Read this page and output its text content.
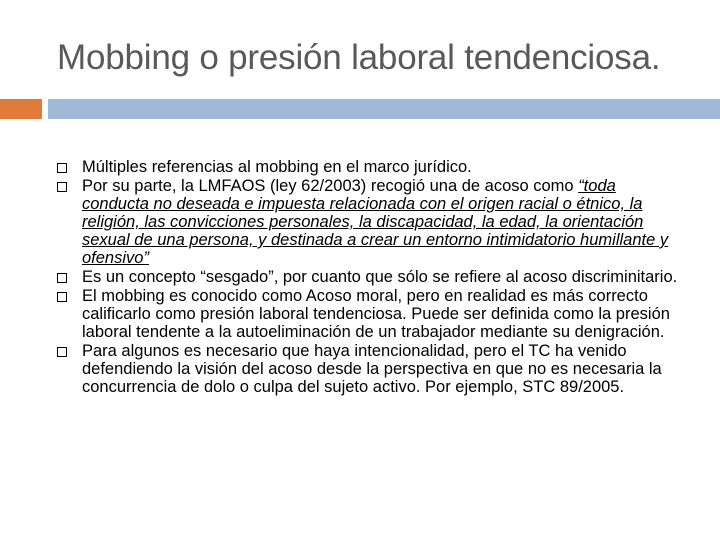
Mobbing o presión laboral tendenciosa.
Múltiples referencias al mobbing en el marco jurídico.
Por su parte, la LMFAOS (ley 62/2003) recogió una de acoso como “toda conducta no deseada e impuesta relacionada con el origen racial o étnico, la religión, las convicciones personales, la discapacidad, la edad, la orientación sexual de una persona, y destinada a crear un entorno intimidatorio humillante y ofensivo”
Es un concepto “sesgado”, por cuanto que sólo se refiere al acoso discriminitario.
El mobbing es conocido como Acoso moral, pero en realidad es más correcto calificarlo como presión laboral tendenciosa. Puede ser definida como la presión laboral tendente a la autoeliminación de un trabajador mediante su denigración.
Para algunos es necesario que haya intencionalidad, pero el TC ha venido defendiendo la visión del acoso desde la perspectiva en que no es necesaria la concurrencia de dolo o culpa del sujeto activo. Por ejemplo, STC 89/2005.
